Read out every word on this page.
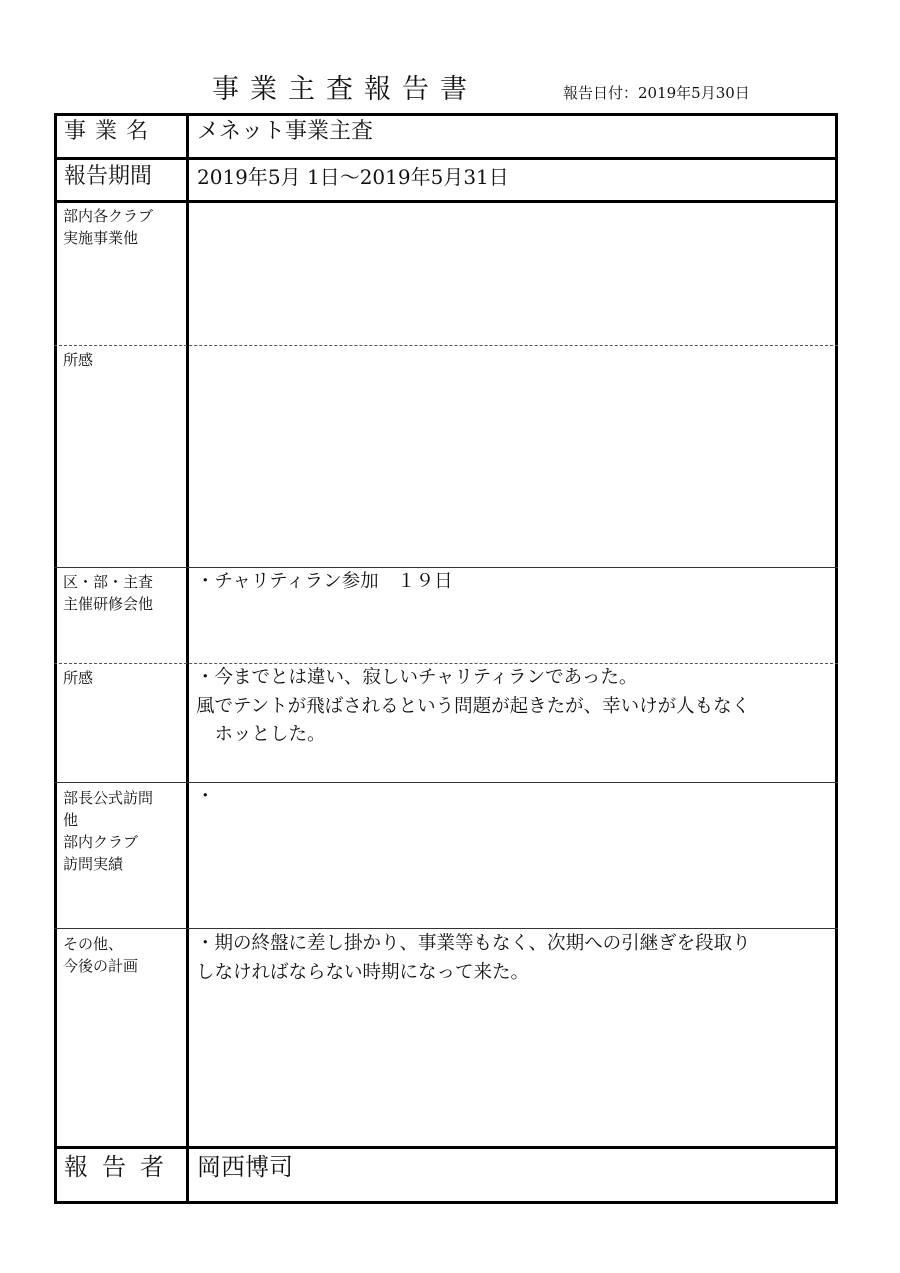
事業主査報告書	報告日付：2019年5月30日
事業名 メネット事業主査
報告期間 2019年5月 1日〜2019年5月31日
部内各クラブ
実施事業他
所感
区・部・主査
主催研修会他
・チャリティラン参加　１９日
所感	・今までとは違い、寂しいチャリティランであった。
風でテントが飛ばされるという問題が起きたが、幸いけが人もなく
　ホッとした。
部長公式訪問
他
部内クラブ
訪問実績
・
その他、
今後の計画
・期の終盤に差し掛かり、事業等もなく、次期への引継ぎを段取り
しなければならない時期になって来た。
報告者 岡西博司
